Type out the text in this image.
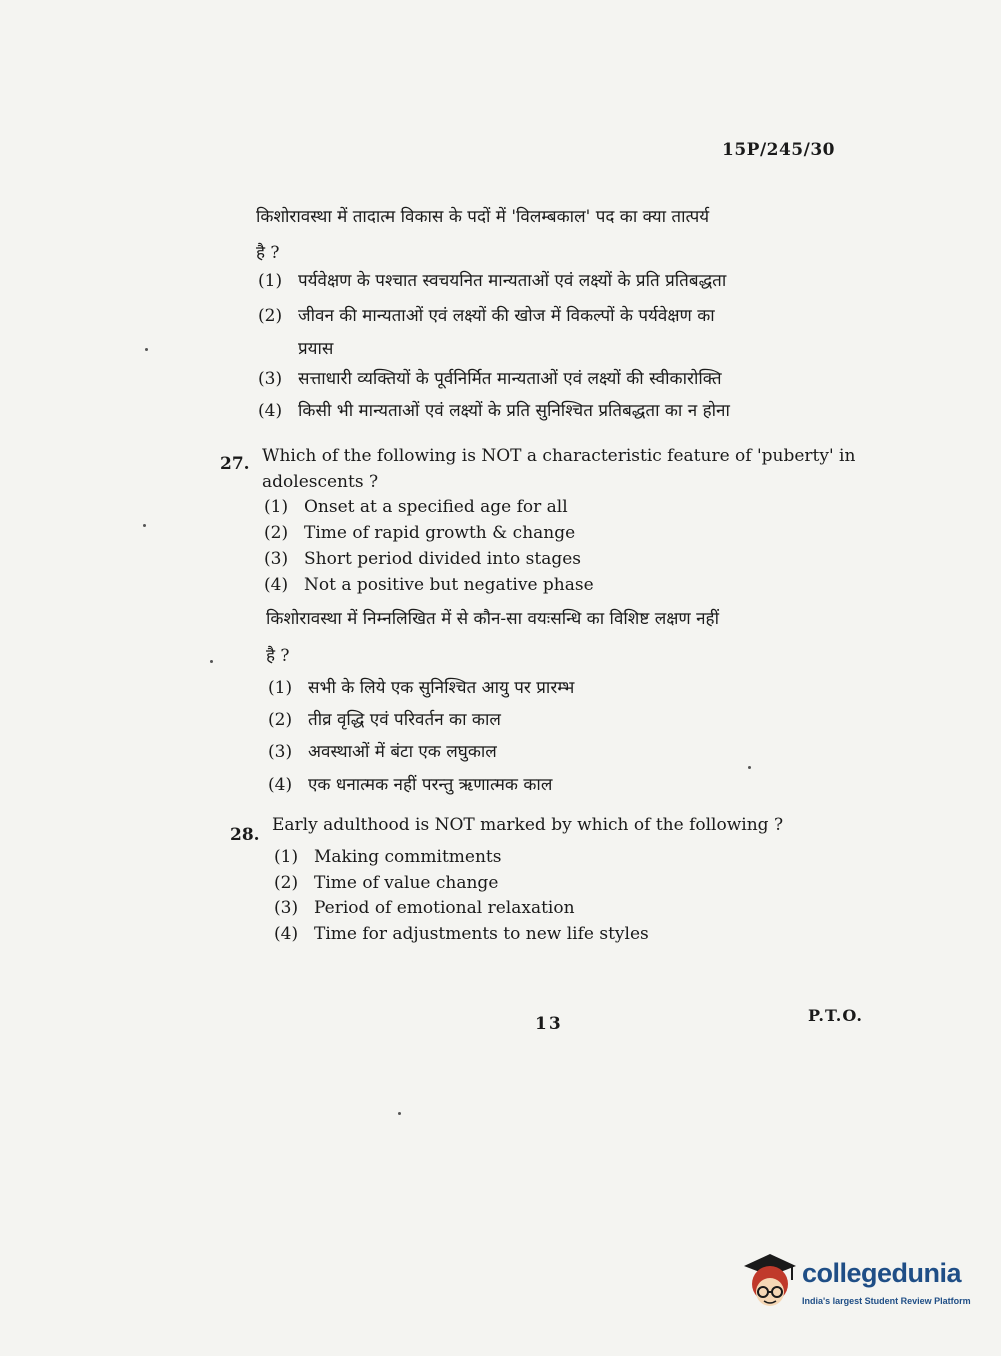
15P/245/30
किशोरावस्था में तादात्म विकास के पदों में 'विलम्बकाल' पद का क्या तात्पर्य
है ?
(1) पर्यवेक्षण के पश्चात स्वचयनित मान्यताओं एवं लक्ष्यों के प्रति प्रतिबद्धता
(2) जीवन की मान्यताओं एवं लक्ष्यों की खोज में विकल्पों के पर्यवेक्षण का
प्रयास
(3) सत्ताधारी व्यक्तियों के पूर्वनिर्मित मान्यताओं एवं लक्ष्यों की स्वीकारोक्ति
(4) किसी भी मान्यताओं एवं लक्ष्यों के प्रति सुनिश्चित प्रतिबद्धता का न होना
27. Which of the following is NOT a characteristic feature of 'puberty' in
adolescents ?
(1) Onset at a specified age for all
(2) Time of rapid growth & change
(3) Short period divided into stages
(4) Not a positive but negative phase
किशोरावस्था में निम्नलिखित में से कौन-सा वयःसन्धि का विशिष्ट लक्षण नहीं
है ?
(1) सभी के लिये एक सुनिश्चित आयु पर प्रारम्भ
(2) तीव्र वृद्धि एवं परिवर्तन का काल
(3) अवस्थाओं में बंटा एक लघुकाल
(4) एक धनात्मक नहीं परन्तु ऋणात्मक काल
28. Early adulthood is NOT marked by which of the following ?
(1) Making commitments
(2) Time of value change
(3) Period of emotional relaxation
(4) Time for adjustments to new life styles
13	P.T.O.
collegedunia
India's largest Student Review Platform
